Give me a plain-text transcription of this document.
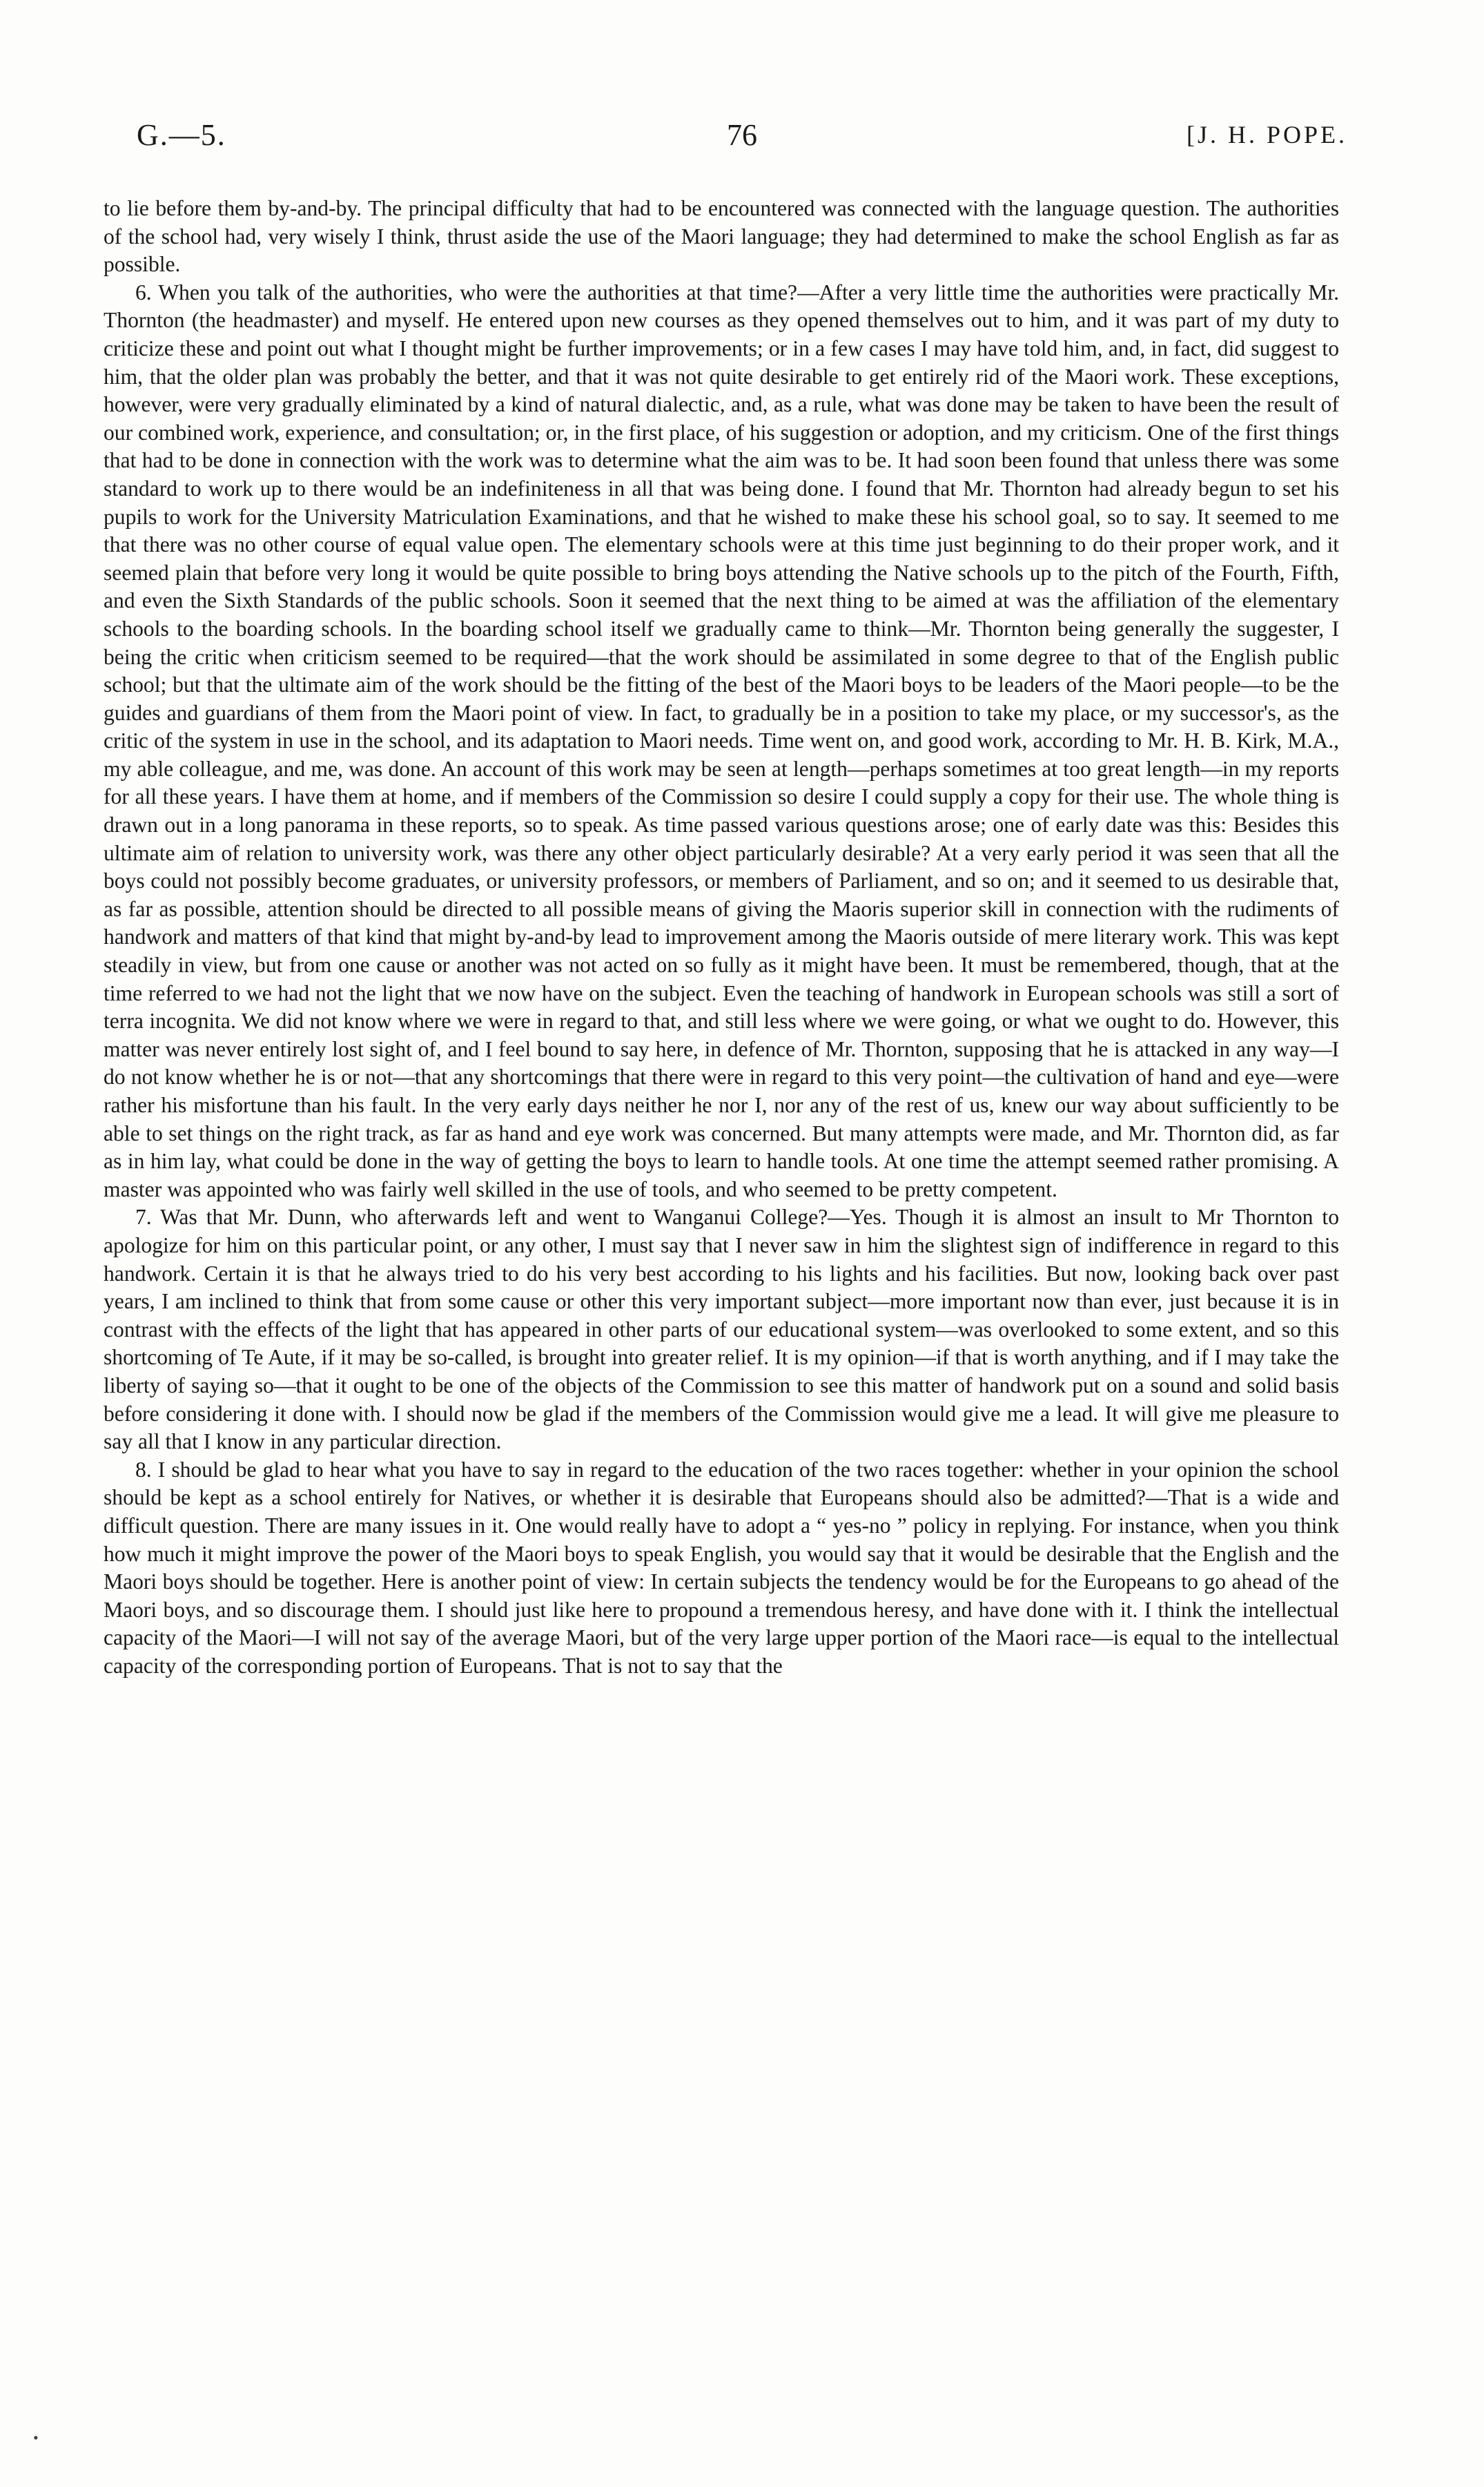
G.—5.	76	[J. H. POPE.

to lie before them by-and-by. The principal difficulty that had to be encountered was connected with the language question. The authorities of the school had, very wisely I think, thrust aside the use of the Maori language; they had determined to make the school English as far as possible.

6. When you talk of the authorities, who were the authorities at that time?—After a very little time the authorities were practically Mr. Thornton (the headmaster) and myself. He entered upon new courses as they opened themselves out to him, and it was part of my duty to criticize these and point out what I thought might be further improvements; or in a few cases I may have told him, and, in fact, did suggest to him, that the older plan was probably the better, and that it was not quite desirable to get entirely rid of the Maori work. These exceptions, however, were very gradually eliminated by a kind of natural dialectic, and, as a rule, what was done may be taken to have been the result of our combined work, experience, and consultation; or, in the first place, of his suggestion or adoption, and my criticism. One of the first things that had to be done in connection with the work was to determine what the aim was to be. It had soon been found that unless there was some standard to work up to there would be an indefiniteness in all that was being done. I found that Mr. Thornton had already begun to set his pupils to work for the University Matriculation Examinations, and that he wished to make these his school goal, so to say. It seemed to me that there was no other course of equal value open. The elementary schools were at this time just beginning to do their proper work, and it seemed plain that before very long it would be quite possible to bring boys attending the Native schools up to the pitch of the Fourth, Fifth, and even the Sixth Standards of the public schools. Soon it seemed that the next thing to be aimed at was the affiliation of the elementary schools to the boarding schools. In the boarding school itself we gradually came to think—Mr. Thornton being generally the suggester, I being the critic when criticism seemed to be required—that the work should be assimilated in some degree to that of the English public school; but that the ultimate aim of the work should be the fitting of the best of the Maori boys to be leaders of the Maori people—to be the guides and guardians of them from the Maori point of view. In fact, to gradually be in a position to take my place, or my successor's, as the critic of the system in use in the school, and its adaptation to Maori needs. Time went on, and good work, according to Mr. H. B. Kirk, M.A., my able colleague, and me, was done. An account of this work may be seen at length—perhaps sometimes at too great length—in my reports for all these years. I have them at home, and if members of the Commission so desire I could supply a copy for their use. The whole thing is drawn out in a long panorama in these reports, so to speak. As time passed various questions arose; one of early date was this: Besides this ultimate aim of relation to university work, was there any other object particularly desirable? At a very early period it was seen that all the boys could not possibly become graduates, or university professors, or members of Parliament, and so on; and it seemed to us desirable that, as far as possible, attention should be directed to all possible means of giving the Maoris superior skill in connection with the rudiments of handwork and matters of that kind that might by-and-by lead to improvement among the Maoris outside of mere literary work. This was kept steadily in view, but from one cause or another was not acted on so fully as it might have been. It must be remembered, though, that at the time referred to we had not the light that we now have on the subject. Even the teaching of handwork in European schools was still a sort of terra incognita. We did not know where we were in regard to that, and still less where we were going, or what we ought to do. However, this matter was never entirely lost sight of, and I feel bound to say here, in defence of Mr. Thornton, supposing that he is attacked in any way—I do not know whether he is or not—that any shortcomings that there were in regard to this very point—the cultivation of hand and eye—were rather his misfortune than his fault. In the very early days neither he nor I, nor any of the rest of us, knew our way about sufficiently to be able to set things on the right track, as far as hand and eye work was concerned. But many attempts were made, and Mr. Thornton did, as far as in him lay, what could be done in the way of getting the boys to learn to handle tools. At one time the attempt seemed rather promising. A master was appointed who was fairly well skilled in the use of tools, and who seemed to be pretty competent.

7. Was that Mr. Dunn, who afterwards left and went to Wanganui College?—Yes. Though it is almost an insult to Mr Thornton to apologize for him on this particular point, or any other, I must say that I never saw in him the slightest sign of indifference in regard to this handwork. Certain it is that he always tried to do his very best according to his lights and his facilities. But now, looking back over past years, I am inclined to think that from some cause or other this very important subject—more important now than ever, just because it is in contrast with the effects of the light that has appeared in other parts of our educational system—was overlooked to some extent, and so this shortcoming of Te Aute, if it may be so-called, is brought into greater relief. It is my opinion—if that is worth anything, and if I may take the liberty of saying so—that it ought to be one of the objects of the Commission to see this matter of handwork put on a sound and solid basis before considering it done with. I should now be glad if the members of the Commission would give me a lead. It will give me pleasure to say all that I know in any particular direction.

8. I should be glad to hear what you have to say in regard to the education of the two races together: whether in your opinion the school should be kept as a school entirely for Natives, or whether it is desirable that Europeans should also be admitted?—That is a wide and difficult question. There are many issues in it. One would really have to adopt a “ yes-no ” policy in replying. For instance, when you think how much it might improve the power of the Maori boys to speak English, you would say that it would be desirable that the English and the Maori boys should be together. Here is another point of view: In certain subjects the tendency would be for the Europeans to go ahead of the Maori boys, and so discourage them. I should just like here to propound a tremendous heresy, and have done with it. I think the intellectual capacity of the Maori—I will not say of the average Maori, but of the very large upper portion of the Maori race—is equal to the intellectual capacity of the corresponding portion of Europeans. That is not to say that the

•
